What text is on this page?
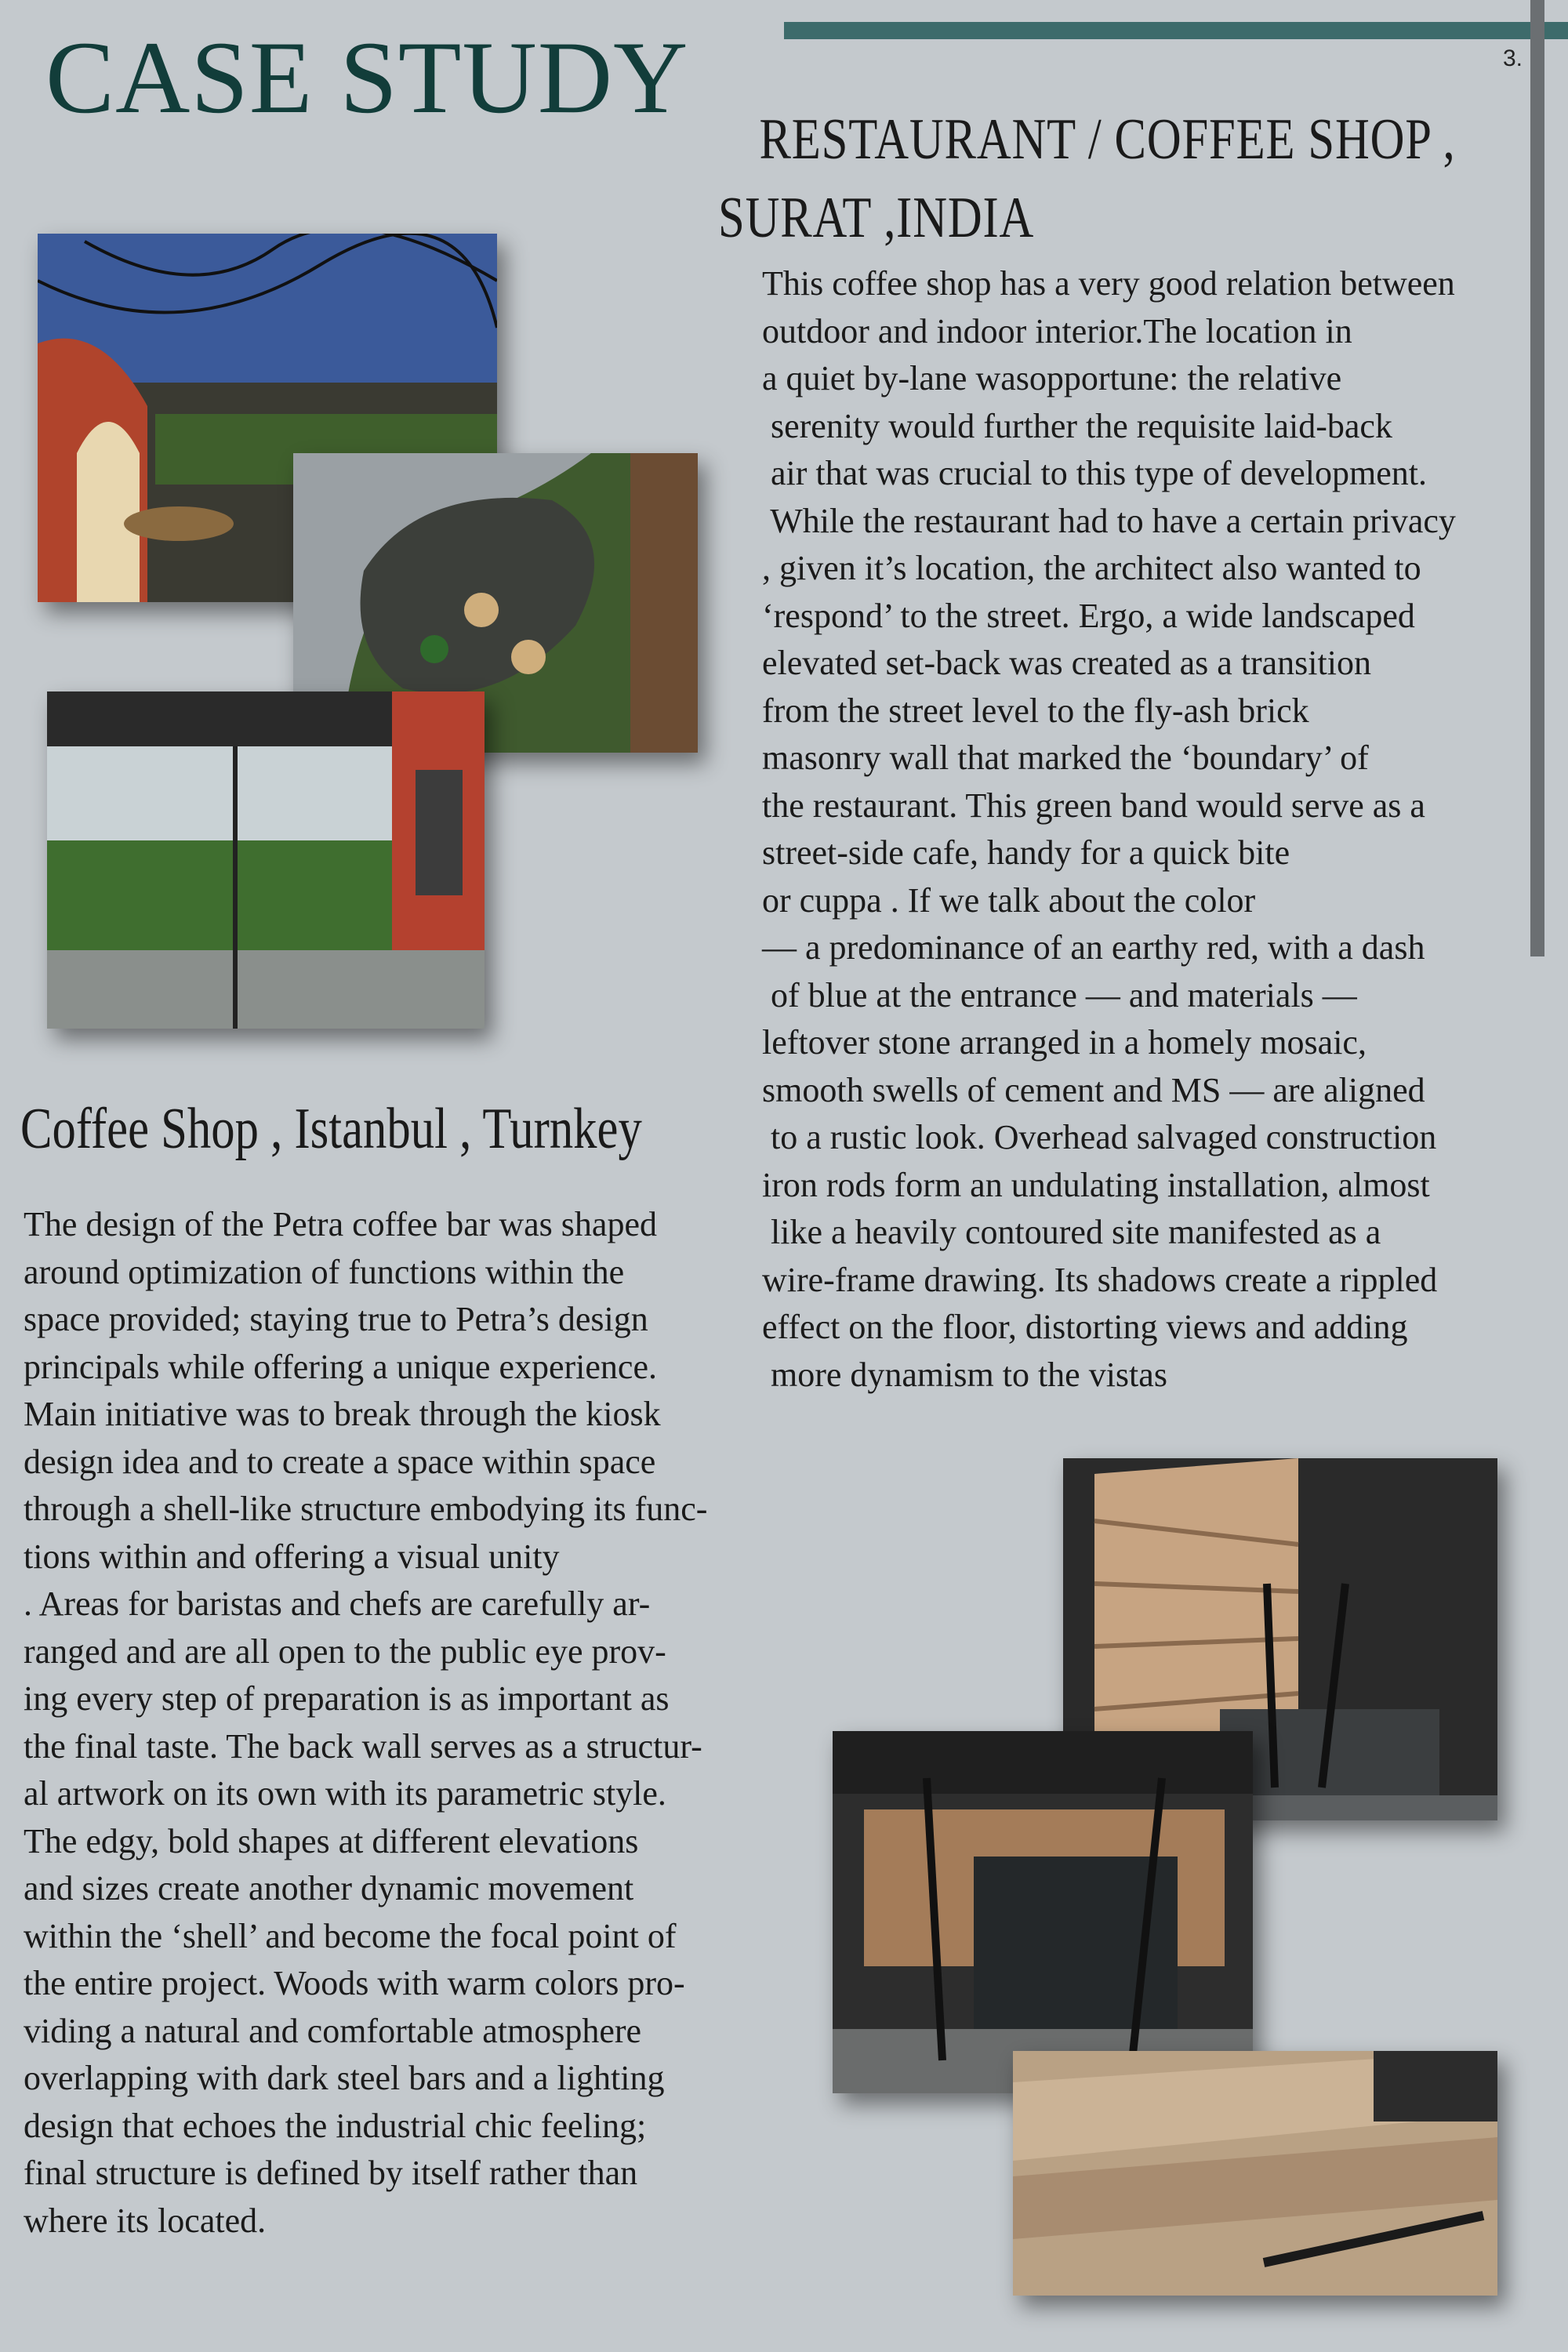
3.
CASE STUDY
RESTAURANT / COFFEE SHOP ,
SURAT ,INDIA
This coffee shop has a very good relation between
outdoor and indoor interior.The location in
a quiet by-lane wasopportune: the relative
serenity would further the requisite laid-back
air that was crucial to this type of development.
While the restaurant had to have a certain privacy
, given it’s location, the architect also wanted to
‘respond’ to the street. Ergo, a wide landscaped
elevated set-back was created as a transition
from the street level to the fly-ash brick
masonry wall that marked the ‘boundary’ of
the restaurant. This green band would serve as a
street-side cafe, handy for a quick bite
or cuppa . If we talk about the color
— a predominance of an earthy red, with a dash
of blue at the entrance — and materials —
leftover stone arranged in a homely mosaic,
smooth swells of cement and MS — are aligned
to a rustic look. Overhead salvaged construction
iron rods form an undulating installation, almost
like a heavily contoured site manifested as a
wire-frame drawing. Its shadows create a rippled
effect on the floor, distorting views and adding
more dynamism to the vistas
Coffee Shop , Istanbul , Turnkey
The design of the Petra coffee bar was shaped
around optimization of functions within the
space provided; staying true to Petra’s design
principals while offering a unique experience.
Main initiative was to break through the kiosk
design idea and to create a space within space
through a shell-like structure embodying its func-
tions within and offering a visual unity
. Areas for baristas and chefs are carefully ar-
ranged and are all open to the public eye prov-
ing every step of preparation is as important as
the final taste. The back wall serves as a structur-
al artwork on its own with its parametric style.
The edgy, bold shapes at different elevations
and sizes create another dynamic movement
within the ‘shell’ and become the focal point of
the entire project. Woods with warm colors pro-
viding a natural and comfortable atmosphere
overlapping with dark steel bars and a lighting
design that echoes the industrial chic feeling;
final structure is defined by itself rather than
where its located.
